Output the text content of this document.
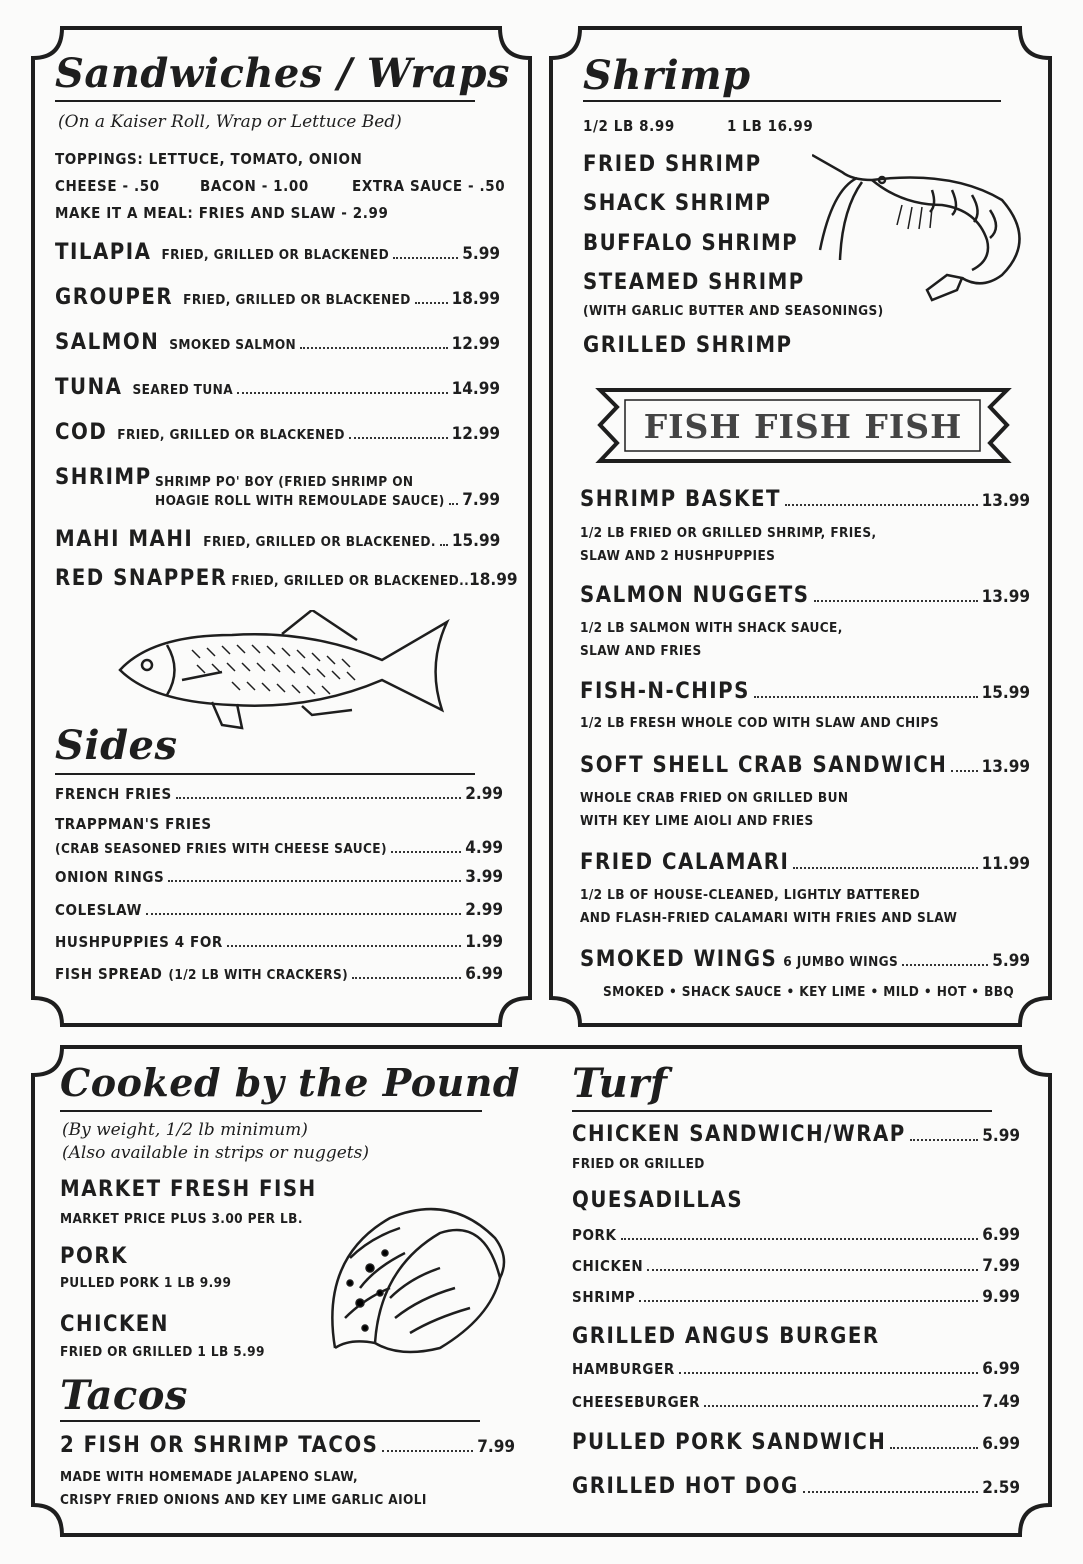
Sandwiches / Wraps
(On a Kaiser Roll, Wrap or Lettuce Bed)
TOPPINGS: LETTUCE, TOMATO, ONION
CHEESE - .50	BACON - 1.00	EXTRA SAUCE - .50
MAKE IT A MEAL: FRIES AND SLAW - 2.99
TILAPIA FRIED, GRILLED OR BLACKENED	5.99
GROUPER FRIED, GRILLED OR BLACKENED 18.99
SALMON SMOKED SALMON	12.99
TUNA SEARED TUNA	14.99
COD FRIED, GRILLED OR BLACKENED	12.99
SHRIMP SHRIMP PO' BOY (FRIED SHRIMP ON
HOAGIE ROLL WITH REMOULADE SAUCE) 7.99
MAHI MAHI FRIED, GRILLED OR BLACKENED. 15.99
RED SNAPPER FRIED, GRILLED OR BLACKENED.. 18.99
Sides
FRENCH FRIES	2.99
TRAPPMAN'S FRIES
(CRAB SEASONED FRIES WITH CHEESE SAUCE)	4.99
ONION RINGS	3.99
COLESLAW	2.99
HUSHPUPPIES 4 FOR	1.99
FISH SPREAD (1/2 LB WITH CRACKERS)	6.99
Shrimp
1/2 LB 8.99	1 LB 16.99
FRIED SHRIMP
SHACK SHRIMP
BUFFALO SHRIMP
STEAMED SHRIMP
(WITH GARLIC BUTTER AND SEASONINGS)
GRILLED SHRIMP
FISH FISH FISH
SHRIMP BASKET	13.99
1/2 LB FRIED OR GRILLED SHRIMP, FRIES,
SLAW AND 2 HUSHPUPPIES
SALMON NUGGETS	13.99
1/2 LB SALMON WITH SHACK SAUCE,
SLAW AND FRIES
FISH-N-CHIPS	15.99
1/2 LB FRESH WHOLE COD WITH SLAW AND CHIPS
SOFT SHELL CRAB SANDWICH 13.99
WHOLE CRAB FRIED ON GRILLED BUN
WITH KEY LIME AIOLI AND FRIES
FRIED CALAMARI	11.99
1/2 LB OF HOUSE-CLEANED, LIGHTLY BATTERED
AND FLASH-FRIED CALAMARI WITH FRIES AND SLAW
SMOKED WINGS 6 JUMBO WINGS	5.99
SMOKED • SHACK SAUCE • KEY LIME • MILD • HOT • BBQ
Cooked by the Pound
(By weight, 1/2 lb minimum)
(Also available in strips or nuggets)
MARKET FRESH FISH
MARKET PRICE PLUS 3.00 PER LB.
PORK
PULLED PORK 1 LB 9.99
CHICKEN
FRIED OR GRILLED 1 LB 5.99
Tacos
2 FISH OR SHRIMP TACOS	7.99
MADE WITH HOMEMADE JALAPENO SLAW,
CRISPY FRIED ONIONS AND KEY LIME GARLIC AIOLI
Turf
CHICKEN SANDWICH/WRAP	5.99
FRIED OR GRILLED
QUESADILLAS
PORK	6.99
CHICKEN	7.99
SHRIMP	9.99
GRILLED ANGUS BURGER
HAMBURGER	6.99
CHEESEBURGER	7.49
PULLED PORK SANDWICH	6.99
GRILLED HOT DOG	2.59
